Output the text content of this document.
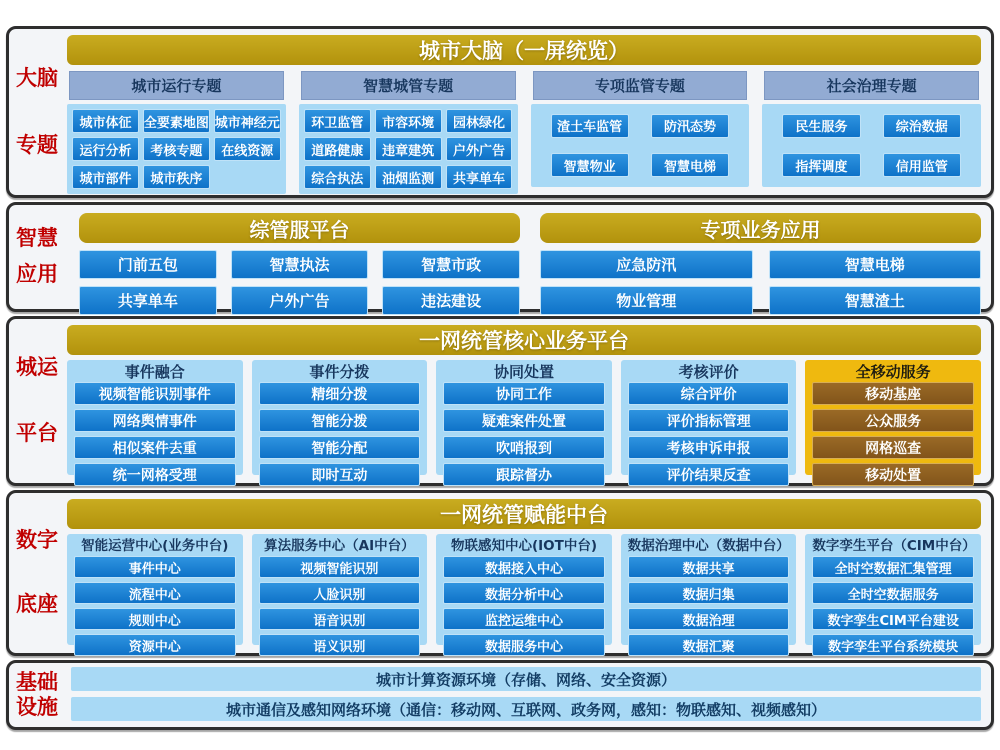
大脑
专题
城市大脑（一屏统览）
城市运行专题
城市体征 全要素地图 城市神经元
运行分析	考核专题	在线资源
城市部件	城市秩序
智慧城管专题
环卫监管	市容环境	园林绿化
道路健康	违章建筑	户外广告
综合执法	油烟监测	共享单车
专项监管专题
渣土车监管	防汛态势
智慧物业	智慧电梯
社会治理专题
民生服务	综治数据
指挥调度	信用监管
智慧
应用
综管服平台
门前五包	智慧执法	智慧市政
共享单车	户外广告	违法建设
专项业务应用
应急防汛	智慧电梯
物业管理	智慧渣土
城运
平台
一网统管核心业务平台
事件融合
视频智能识别事件
网络舆情事件
相似案件去重
统一网格受理
事件分拨
精细分拨
智能分拨
智能分配
即时互动
协同处置
协同工作
疑难案件处置
吹哨报到
跟踪督办
考核评价
综合评价
评价指标管理
考核申诉申报
评价结果反查
全移动服务
移动基座
公众服务
网格巡查
移动处置
数字
底座
一网统管赋能中台
智能运营中心(业务中台)
事件中心
流程中心
规则中心
资源中心
算法服务中心（AI中台）
视频智能识别
人脸识别
语音识别
语义识别
物联感知中心(IOT中台)
数据接入中心
数据分析中心
监控运维中心
数据服务中心
数据治理中心（数据中台）
数据共享
数据归集
数据治理
数据汇聚
数字孪生平台（CIM中台）
全时空数据汇集管理
全时空数据服务
数字孪生CIM平台建设
数字孪生平台系统模块
基础
设施
城市计算资源环境（存储、网络、安全资源）
城市通信及感知网络环境（通信：移动网、互联网、政务网，感知：物联感知、视频感知）
